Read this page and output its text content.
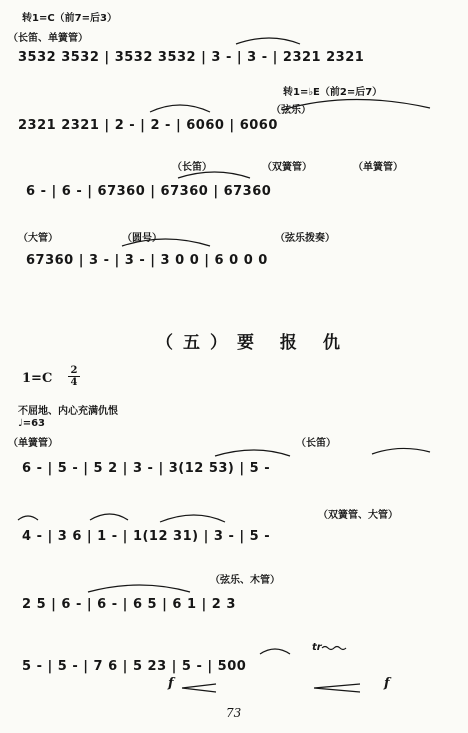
转1=C（前7=后3）
（长笛、单簧管）
3532 3532 | 3532 3532 | 3 - | 3 - | 2321 2321
转1=♭E（前2=后7）
（弦乐）
2321 2321 | 2 - | 2 - | 6060 | 6060
（长笛）	（双簧管）	（单簧管）
6 - | 6 - | 67360 | 67360 | 67360
（大管）	（圆号）	（弦乐拨奏）
67360 | 3 - | 3 - | 3 0 0 | 6 0 0 0
（五）要 报 仇
1=C
2
4
不屈地、内心充满仇恨
♩=63
（单簧管）	（长笛）
6 - | 5 - | 5 2 | 3 - | 3(12 53) | 5 -
（双簧管、大管）
4 - | 3 6 | 1 - | 1(12 31) | 3 - | 5 -
（弦乐、木管）
2 5 | 6 - | 6 - | 6 5 | 6 1 | 2 3
tr
5 - | 5 - | 7 6 | 5 23 | 5 - | 500
f	f
73
